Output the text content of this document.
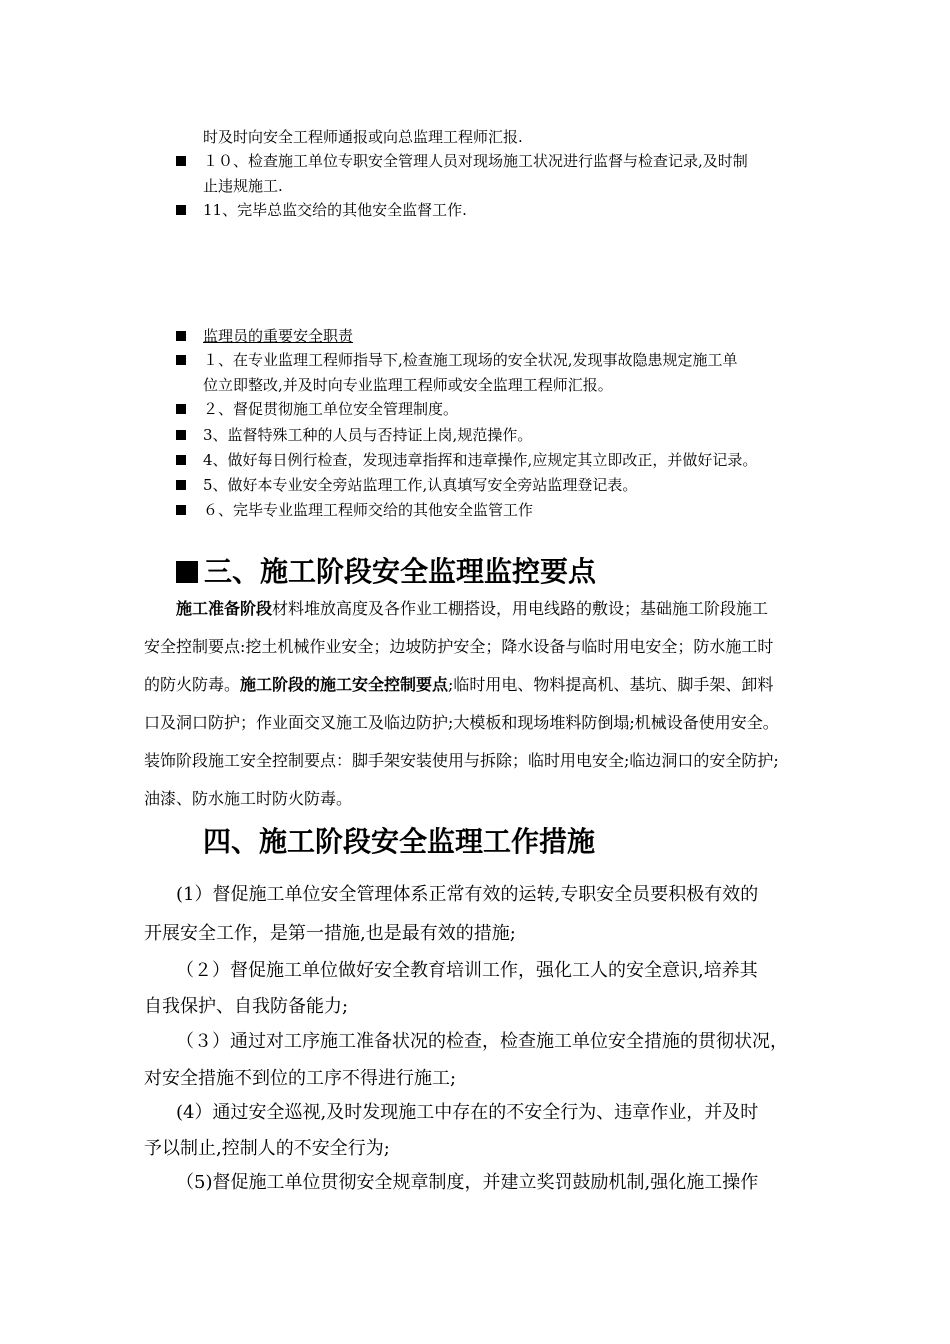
时及时向安全工程师通报或向总监理工程师汇报.
１０、检查施工单位专职安全管理人员对现场施工状况进行监督与检查记录,及时制
止违规施工.
11、完毕总监交给的其他安全监督工作.
监理员的重要安全职责
１、在专业监理工程师指导下,检查施工现场的安全状况,发现事故隐患规定施工单
位立即整改,并及时向专业监理工程师或安全监理工程师汇报。
２、督促贯彻施工单位安全管理制度。
3、监督特殊工种的人员与否持证上岗,规范操作。
4、做好每日例行检查，发现违章指挥和违章操作,应规定其立即改正，并做好记录。
5、做好本专业安全旁站监理工作,认真填写安全旁站监理登记表。
６、完毕专业监理工程师交给的其他安全监管工作
三、施工阶段安全监理监控要点
施工准备阶段材料堆放高度及各作业工棚搭设，用电线路的敷设；基础施工阶段施工
安全控制要点:挖土机械作业安全；边坡防护安全；降水设备与临时用电安全；防水施工时
的防火防毒。施工阶段的施工安全控制要点;临时用电、物料提高机、基坑、脚手架、卸料
口及洞口防护；作业面交叉施工及临边防护;大模板和现场堆料防倒塌;机械设备使用安全。
装饰阶段施工安全控制要点：脚手架安装使用与拆除；临时用电安全;临边洞口的安全防护;
油漆、防水施工时防火防毒。
四、施工阶段安全监理工作措施
(1）督促施工单位安全管理体系正常有效的运转,专职安全员要积极有效的
开展安全工作，是第一措施,也是最有效的措施;
（２）督促施工单位做好安全教育培训工作，强化工人的安全意识,培养其
自我保护、自我防备能力;
（３）通过对工序施工准备状况的检查，检查施工单位安全措施的贯彻状况，
对安全措施不到位的工序不得进行施工;
(4）通过安全巡视,及时发现施工中存在的不安全行为、违章作业，并及时
予以制止,控制人的不安全行为;
（5)督促施工单位贯彻安全规章制度，并建立奖罚鼓励机制,强化施工操作
